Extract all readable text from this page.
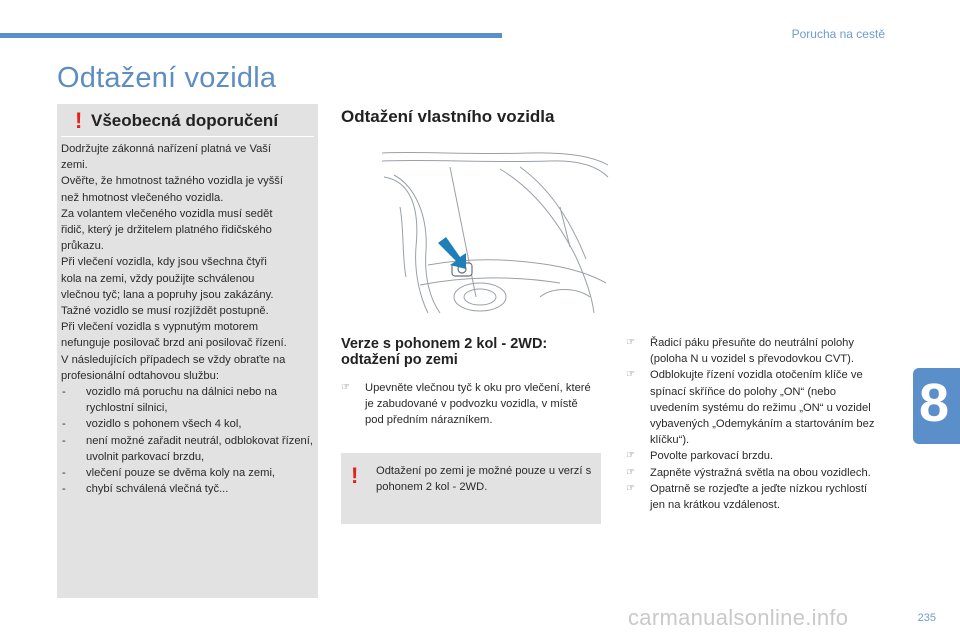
Porucha na cestě
Odtažení vozidla
! Všeobecná doporučení
Dodržujte zákonná nařízení platná ve Vaší
zemi.
Ověřte, že hmotnost tažného vozidla je vyšší
než hmotnost vlečeného vozidla.
Za volantem vlečeného vozidla musí sedět
řidič, který je držitelem platného řidičského
průkazu.
Při vlečení vozidla, kdy jsou všechna čtyři
kola na zemi, vždy použijte schválenou
vlečnou tyč; lana a popruhy jsou zakázány.
Tažné vozidlo se musí rozjíždět postupně.
Při vlečení vozidla s vypnutým motorem
nefunguje posilovač brzd ani posilovač řízení.
V následujících případech se vždy obraťte na
profesionální odtahovou službu:
- vozidlo má poruchu na dálnici nebo na rychlostní silnici,
- vozidlo s pohonem všech 4 kol,
- není možné zařadit neutrál, odblokovat řízení, uvolnit parkovací brzdu,
- vlečení pouze se dvěma koly na zemi,
- chybí schválená vlečná tyč...
Odtažení vlastního vozidla
Verze s pohonem 2 kol - 2WD: odtažení po zemi
☞ Upevněte vlečnou tyč k oku pro vlečení, které je zabudované v podvozku vozidla, v místě pod předním nárazníkem.
! Odtažení po zemi je možné pouze u verzí s pohonem 2 kol - 2WD.
☞ Řadicí páku přesuňte do neutrální polohy (poloha N u vozidel s převodovkou CVT).
☞ Odblokujte řízení vozidla otočením klíče ve spínací skříňce do polohy „ON“ (nebo uvedením systému do režimu „ON“ u vozidel vybavených „Odemykáním a startováním bez klíčku“).
☞ Povolte parkovací brzdu.
☞ Zapněte výstražná světla na obou vozidlech.
☞ Opatrně se rozjeďte a jeďte nízkou rychlostí jen na krátkou vzdálenost.
8
235
carmanualsonline.info
